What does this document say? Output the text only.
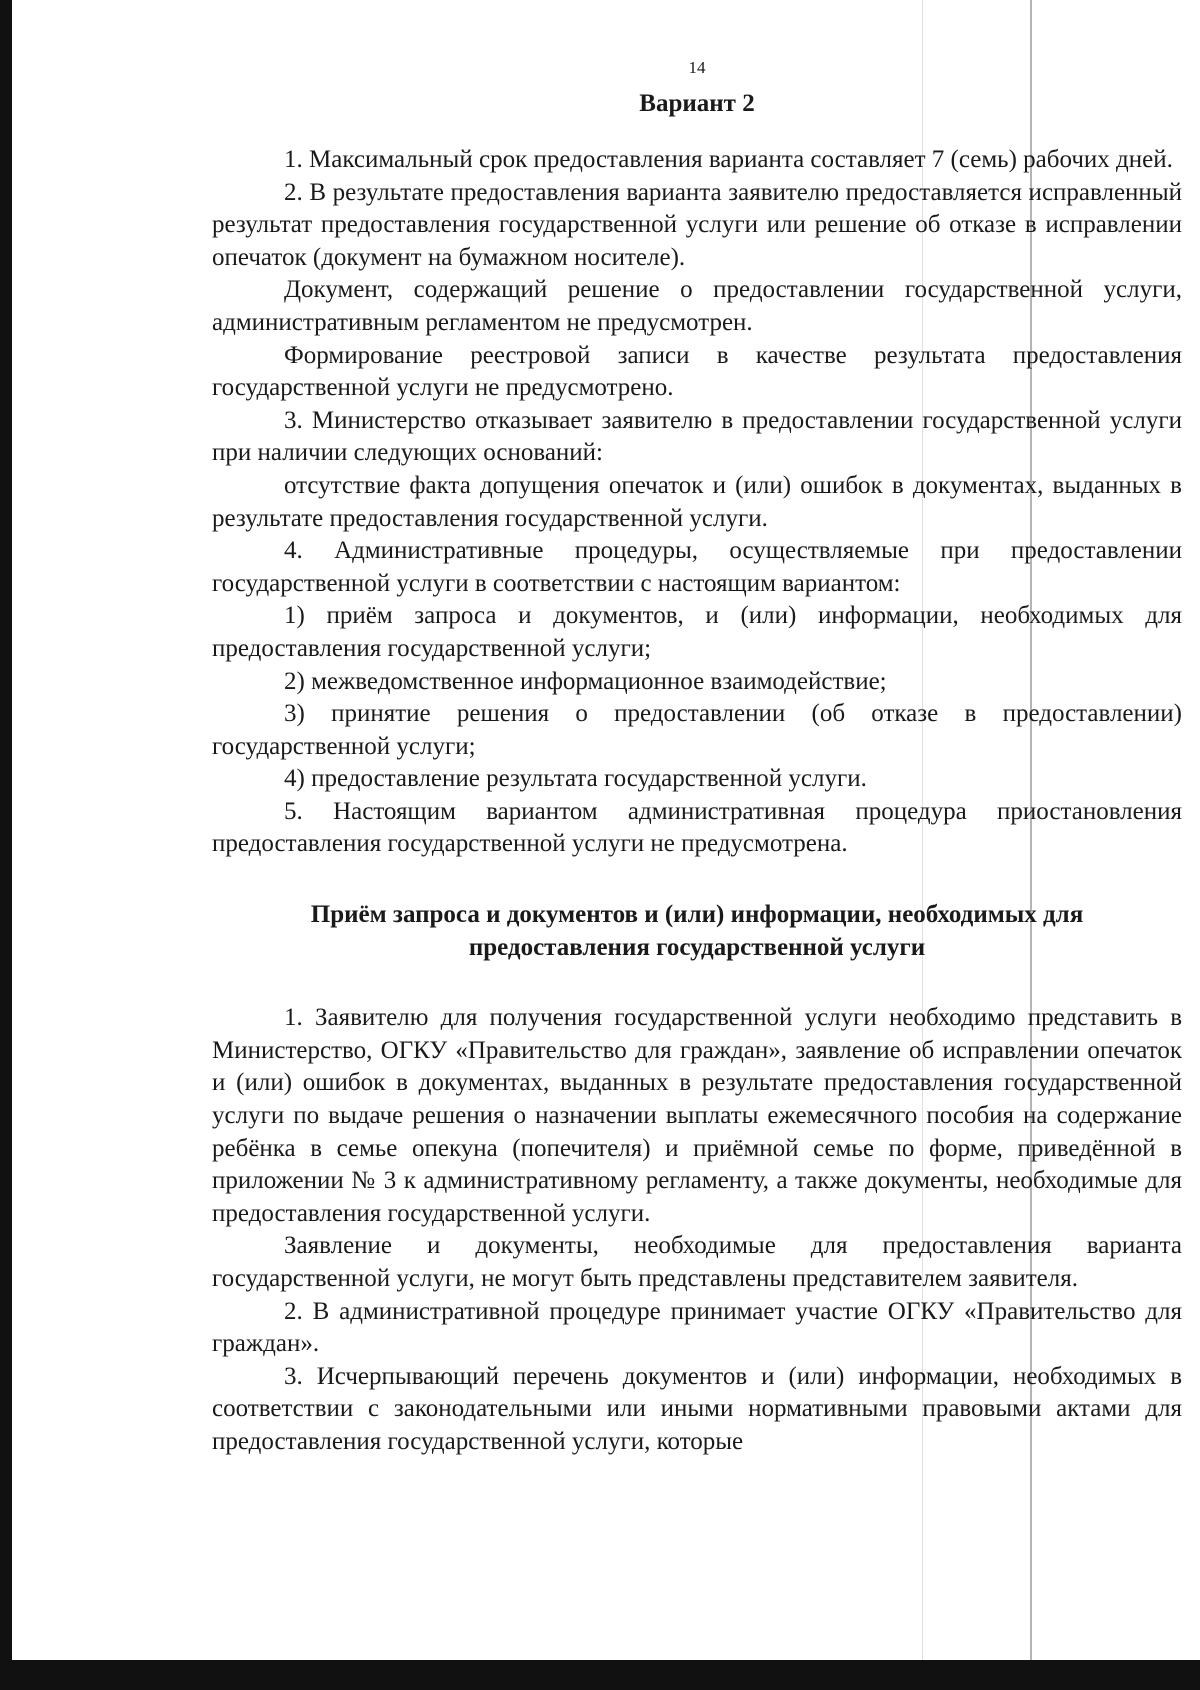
14
Вариант 2

1. Максимальный срок предоставления варианта составляет 7 (семь) рабочих дней.

2. В результате предоставления варианта заявителю предоставляется исправленный результат предоставления государственной услуги или решение об отказе в исправлении опечаток (документ на бумажном носителе).

Документ, содержащий решение о предоставлении государственной услуги, административным регламентом не предусмотрен.

Формирование реестровой записи в качестве результата предоставления государственной услуги не предусмотрено.

3. Министерство отказывает заявителю в предоставлении государственной услуги при наличии следующих оснований:

отсутствие факта допущения опечаток и (или) ошибок в документах, выданных в результате предоставления государственной услуги.

4. Административные процедуры, осуществляемые при предоставлении государственной услуги в соответствии с настоящим вариантом:

1) приём запроса и документов, и (или) информации, необходимых для предоставления государственной услуги;

2) межведомственное информационное взаимодействие;

3) принятие решения о предоставлении (об отказе в предоставлении) государственной услуги;

4) предоставление результата государственной услуги.

5. Настоящим вариантом административная процедура приостановления предоставления государственной услуги не предусмотрена.

Приём запроса и документов и (или) информации, необходимых для предоставления государственной услуги

1. Заявителю для получения государственной услуги необходимо представить в Министерство, ОГКУ «Правительство для граждан», заявление об исправлении опечаток и (или) ошибок в документах, выданных в результате предоставления государственной услуги по выдаче решения о назначении выплаты ежемесячного пособия на содержание ребёнка в семье опекуна (попечителя) и приёмной семье по форме, приведённой в приложении № 3 к административному регламенту, а также документы, необходимые для предоставления государственной услуги.

Заявление и документы, необходимые для предоставления варианта государственной услуги, не могут быть представлены представителем заявителя.

2. В административной процедуре принимает участие ОГКУ «Правительство для граждан».

3. Исчерпывающий перечень документов и (или) информации, необходимых в соответствии с законодательными или иными нормативными правовыми актами для предоставления государственной услуги, которые
